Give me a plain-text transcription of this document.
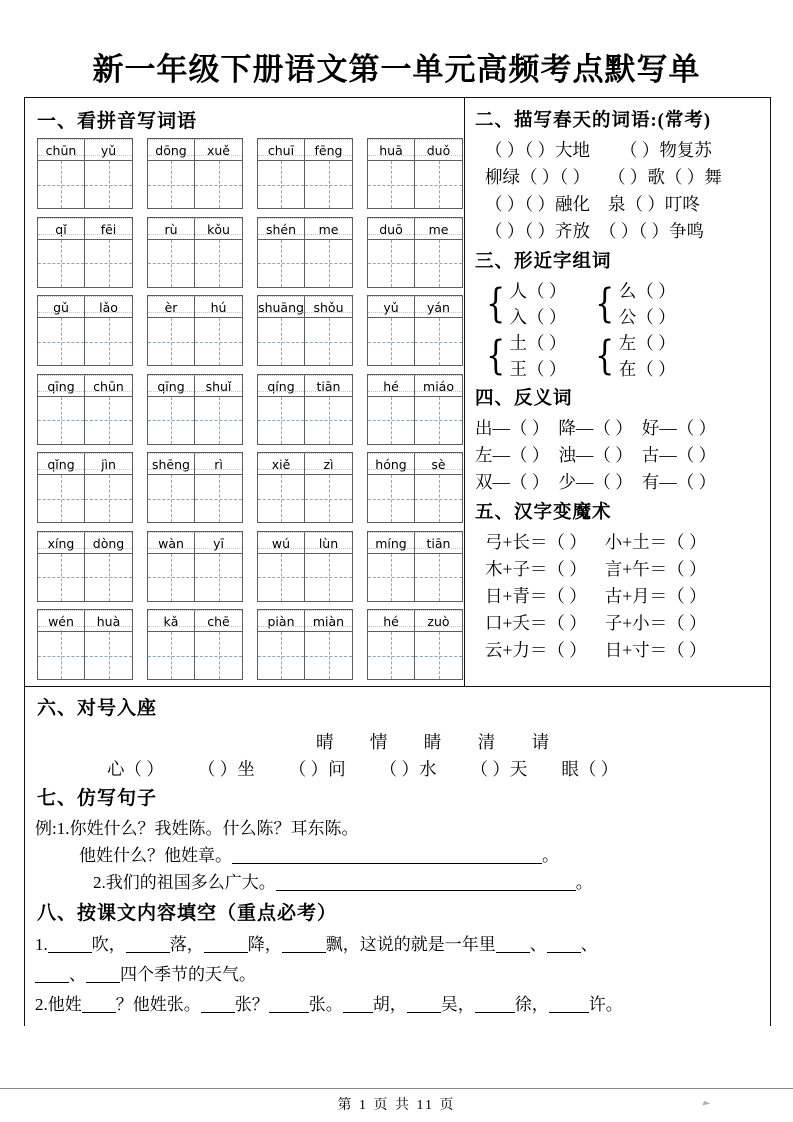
新一年级下册语文第一单元高频考点默写单
一、看拼音写词语
chūn	yǔ	dōng	xuě	chuī	fēng	huā	duǒ
qǐ	fēi	rù	kǒu	shén	me	duō	me
gǔ	lǎo	èr	hú	shuāng shǒu	yǔ	yán
qīng	chūn	qīng	shuǐ	qíng	tiān	hé	miáo
qǐng	jìn	shēng	rì	xiě	zì	hóng	sè
xíng	dòng	wàn	yī	wú	lùn	míng	tiān
wén	huà	kǎ	chē	piàn	miàn	hé	zuò
二、描写春天的词语:(常考)
（ ）（ ）大地 （ ）物复苏
柳绿（ ）（ ） （ ）歌（ ）舞
（ ）（ ）融化 泉（ ）叮咚
（ ）（ ）齐放 （ ）（ ）争鸣
三、形近字组词
{ 人（ ）
入（ ） { 么（ ）
公（ ）
{ 土（ ）
王（ ） { 左（ ）
在（ ）
四、反义词
出—（ ） 降—（ ） 好—（ ）
左—（ ） 浊—（ ） 古—（ ）
双—（ ） 少—（ ） 有—（ ）
五、汉字变魔术
弓+长＝（ ） 小+土＝（ ）
木+子＝（ ） 言+午＝（ ）
日+青＝（ ） 古+月＝（ ）
口+夭＝（ ） 子+小＝（ ）
云+力＝（ ） 日+寸＝（ ）
六、对号入座
晴 情 睛 清 请
心（ ） （ ）坐 （ ）问 （ ）水 （ ）天 眼（ ）
七、仿写句子
例:1.你姓什么？我姓陈。什么陈？耳东陈。
他姓什么？他姓章。	。
2.我们的祖国多么广大。	。
八、按课文内容填空（重点必考）
1.	吹，	落，	降，	飘，这说的就是一年里 、 、
、 四个季节的天气。
2.他姓 ？他姓张。 张？ 张。 胡， 吴， 徐， 许。
第 1 页 共 11 页
